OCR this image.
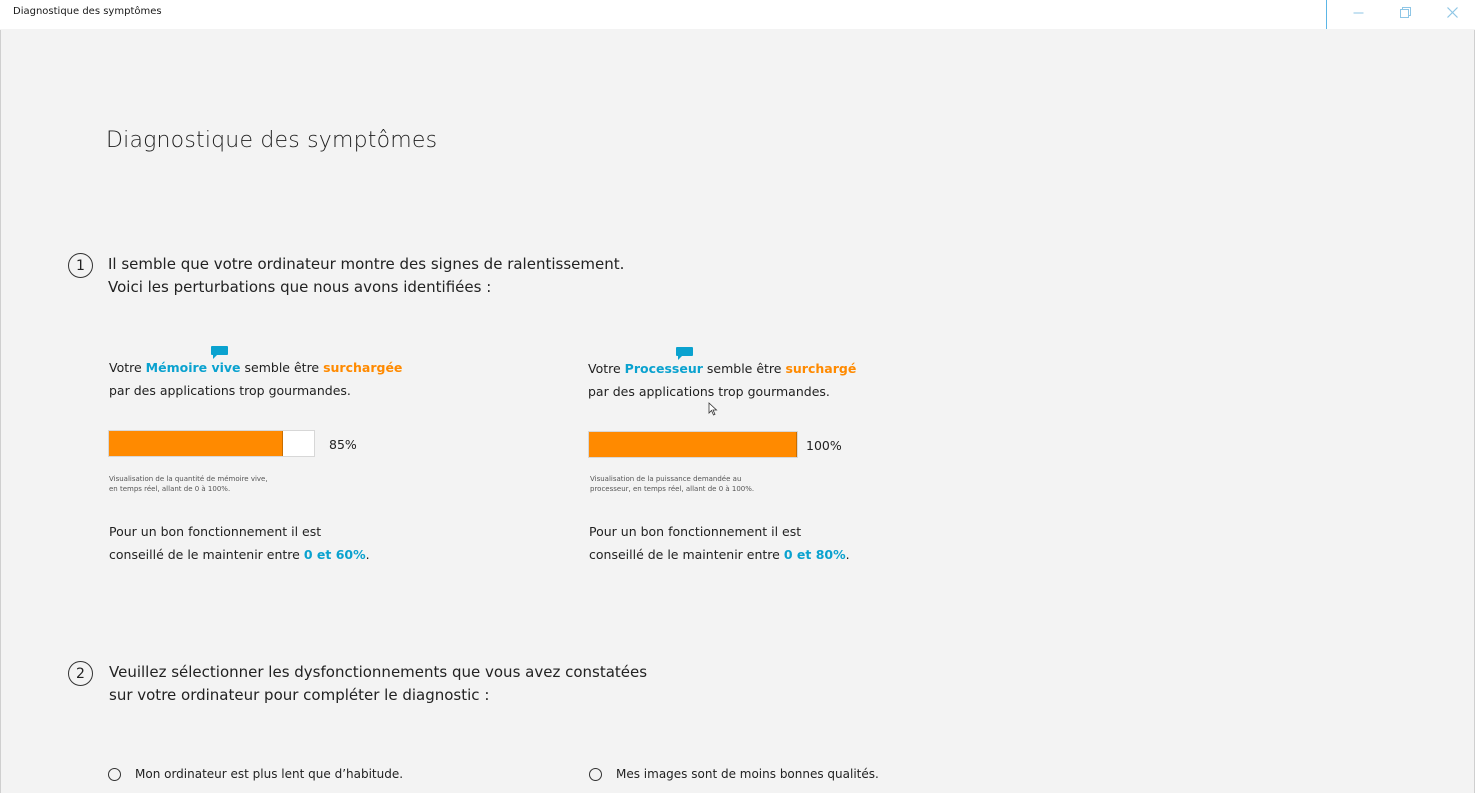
Diagnostique des symptômes
Diagnostique des symptômes
1	Il semble que votre ordinateur montre des signes de ralentissement.
Voici les perturbations que nous avons identifiées :
Votre
Mémoire vive semble être surchargée
par des applications trop gourmandes.
85%
Visualisation de la quantité de mémoire vive,
en temps réel, allant de 0 à 100%.
Pour un bon fonctionnement il est
conseillé de le maintenir entre 0 et 60%.
Votre
Processeur semble être surchargé
par des applications trop gourmandes.
100%
Visualisation de la puissance demandée au
processeur, en temps réel, allant de 0 à 100%.
Pour un bon fonctionnement il est
conseillé de le maintenir entre 0 et 80%.
2	Veuillez sélectionner les dysfonctionnements que vous avez constatées
sur votre ordinateur pour compléter le diagnostic :
Mon ordinateur est plus lent que d’habitude.	Mes images sont de moins bonnes qualités.
